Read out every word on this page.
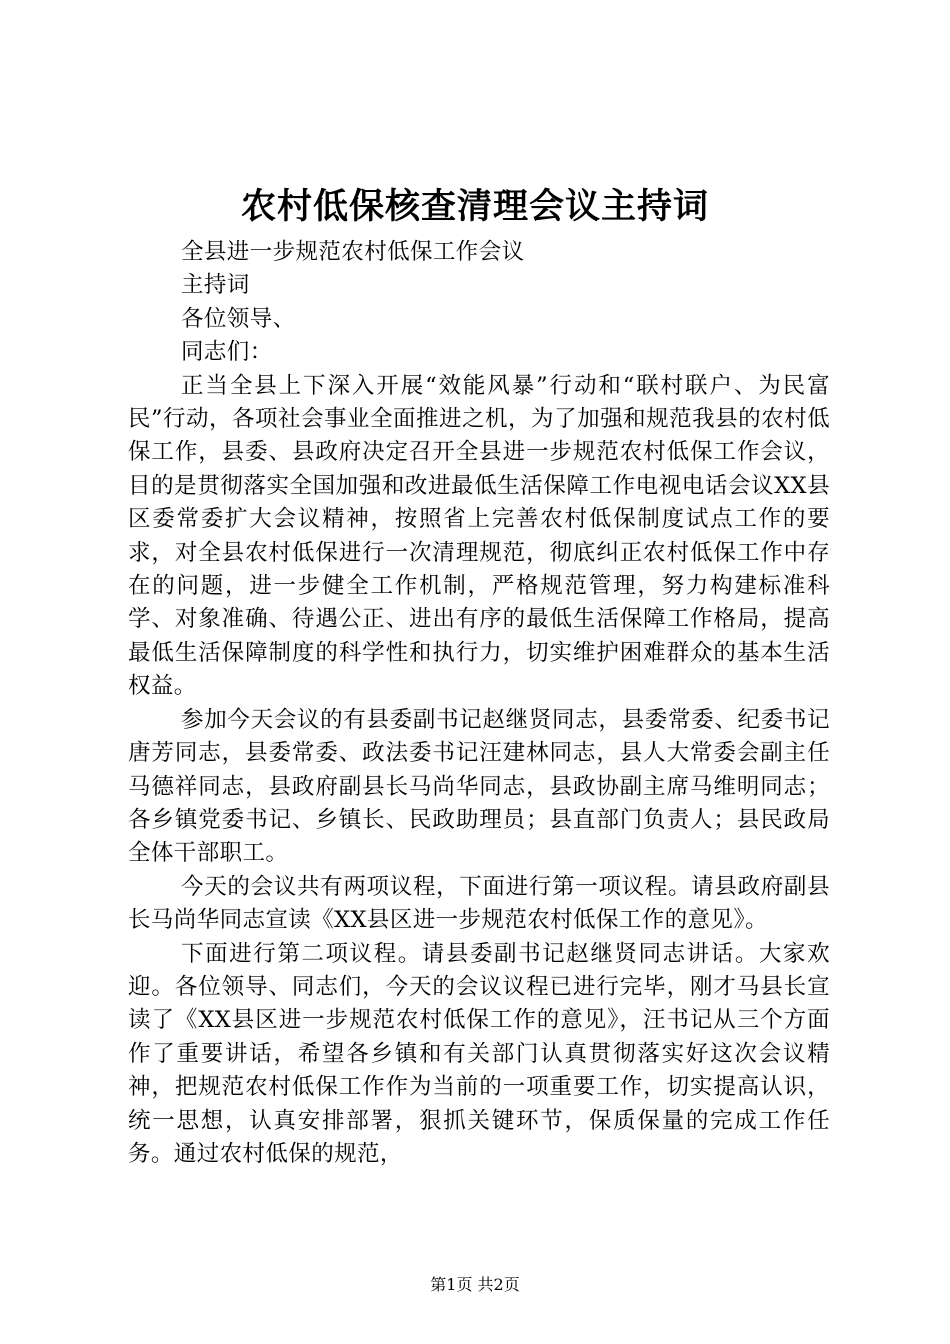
农村低保核查清理会议主持词

全县进一步规范农村低保工作会议

主持词

各位领导、

同志们：

正当全县上下深入开展“效能风暴”行动和“联村联户、为民富民”行动，各项社会事业全面推进之机，为了加强和规范我县的农村低保工作，县委、县政府决定召开全县进一步规范农村低保工作会议，目的是贯彻落实全国加强和改进最低生活保障工作电视电话会议XX县区委常委扩大会议精神，按照省上完善农村低保制度试点工作的要求，对全县农村低保进行一次清理规范，彻底纠正农村低保工作中存在的问题，进一步健全工作机制，严格规范管理，努力构建标准科学、对象准确、待遇公正、进出有序的最低生活保障工作格局，提高最低生活保障制度的科学性和执行力，切实维护困难群众的基本生活权益。

参加今天会议的有县委副书记赵继贤同志，县委常委、纪委书记唐芳同志，县委常委、政法委书记汪建林同志，县人大常委会副主任马德祥同志，县政府副县长马尚华同志，县政协副主席马维明同志；各乡镇党委书记、乡镇长、民政助理员；县直部门负责人；县民政局全体干部职工。

今天的会议共有两项议程，下面进行第一项议程。请县政府副县长马尚华同志宣读《XX县区进一步规范农村低保工作的意见》。

下面进行第二项议程。请县委副书记赵继贤同志讲话。大家欢迎。各位领导、同志们，今天的会议议程已进行完毕，刚才马县长宣读了《XX县区进一步规范农村低保工作的意见》，汪书记从三个方面作了重要讲话，希望各乡镇和有关部门认真贯彻落实好这次会议精神，把规范农村低保工作作为当前的一项重要工作，切实提高认识，统一思想，认真安排部署，狠抓关键环节，保质保量的完成工作任务。通过农村低保的规范，

第1页 共2页
